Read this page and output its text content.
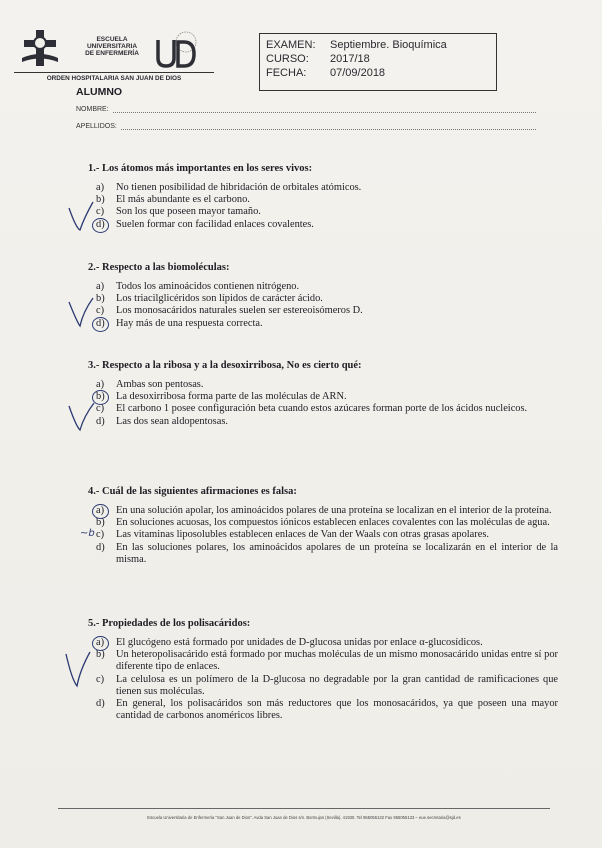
ESCUELA
UNIVERSITARIA
DE ENFERMERÍA
ORDEN HOSPITALARIA SAN JUAN DE DIOS
EXAMEN:	Septiembre. Bioquímica
CURSO:	2017/18
FECHA:	07/09/2018
ALUMNO
NOMBRE:
APELLIDOS:
1.- Los átomos más importantes en los seres vivos:
a)	No tienen posibilidad de hibridación de orbitales atómicos.
b)	El más abundante es el carbono.
c)	Son los que poseen mayor tamaño.
d)	Suelen formar con facilidad enlaces covalentes.
2.- Respecto a las biomoléculas:
a)	Todos los aminoácidos contienen nitrógeno.
b)	Los triacilglicéridos son lípidos de carácter ácido.
c)	Los monosacáridos naturales suelen ser estereoisómeros D.
d)	Hay más de una respuesta correcta.
3.- Respecto a la ribosa y a la desoxirribosa, No es cierto qué:
a)	Ambas son pentosas.
b)	La desoxirribosa forma parte de las moléculas de ARN.
c)	El carbono 1 posee configuración beta cuando estos azúcares forman porte de los ácidos nucleicos.
d)	Las dos sean aldopentosas.
4.- Cuál de las siguientes afirmaciones es falsa:
a)	En una solución apolar, los aminoácidos polares de una proteína se localizan en el interior de la proteína.
b)	En soluciones acuosas, los compuestos iónicos establecen enlaces covalentes con las moléculas de agua.
c)	Las vitaminas liposolubles establecen enlaces de Van der Waals con otras grasas apolares.
d)	En las soluciones polares, los aminoácidos apolares de un proteína se localizarán en el interior de la misma.
5.- Propiedades de los polisacáridos:
a)	El glucógeno está formado por unidades de D-glucosa unidas por enlace α-glucosídicos.
b)	Un heteropolisacárido está formado por muchas moléculas de un mismo monosacárido unidas entre sí por diferente tipo de enlaces.
c)	La celulosa es un polímero de la D-glucosa no degradable por la gran cantidad de ramificaciones que tienen sus moléculas.
d)	En general, los polisacáridos son más reductores que los monosacáridos, ya que poseen una mayor cantidad de carbonos anoméricos libres.
~b
Escuela Universitaria de Enfermería "San Juan de Dios". Avda San Juan de Dios s/n. Bormujos (Sevilla). 41930. Tel 955055132 Fax 955055133 – eue.secretaria@sjd.es
